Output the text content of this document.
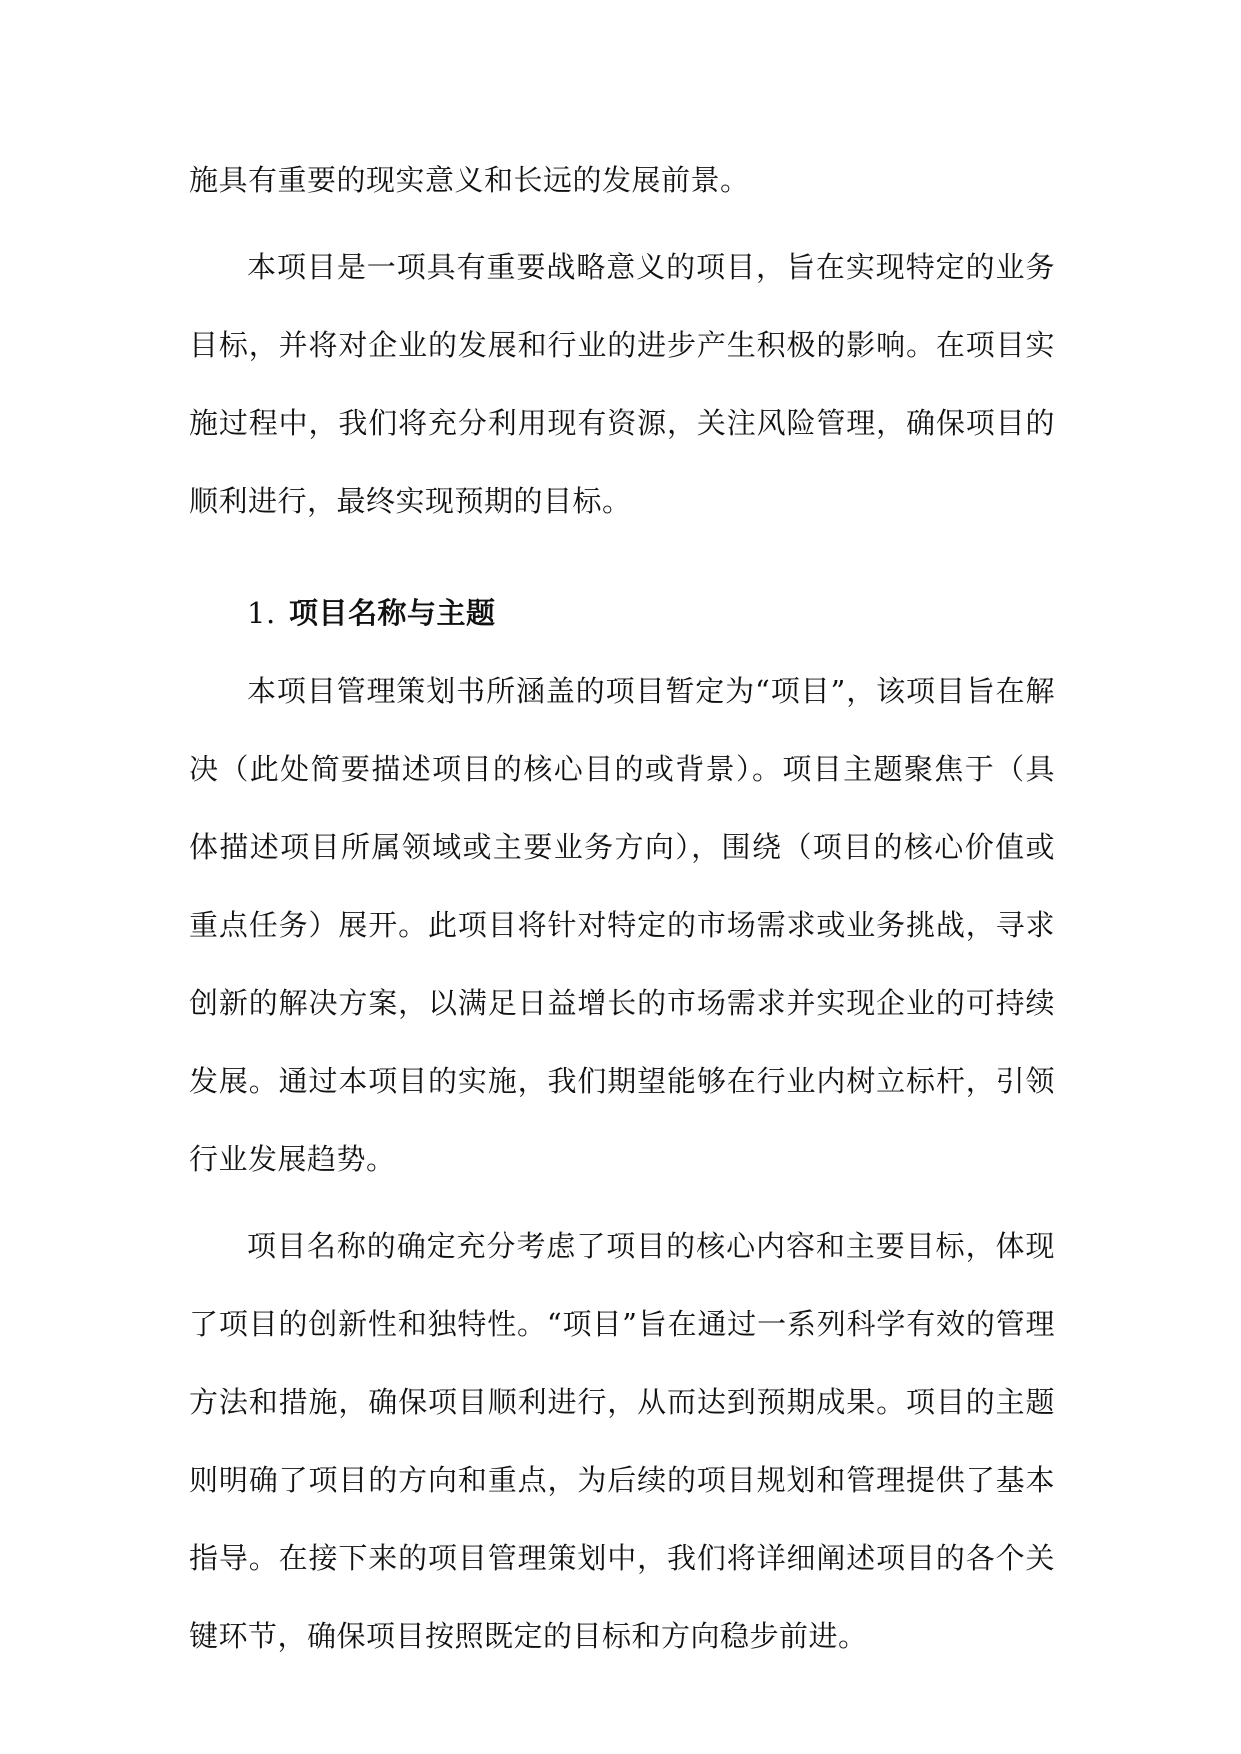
施具有重要的现实意义和长远的发展前景。

本项目是一项具有重要战略意义的项目，旨在实现特定的业务目标，并将对企业的发展和行业的进步产生积极的影响。在项目实施过程中，我们将充分利用现有资源，关注风险管理，确保项目的顺利进行，最终实现预期的目标。

1. 项目名称与主题

本项目管理策划书所涵盖的项目暂定为“项目”，该项目旨在解决（此处简要描述项目的核心目的或背景）。项目主题聚焦于（具体描述项目所属领域或主要业务方向），围绕（项目的核心价值或重点任务）展开。此项目将针对特定的市场需求或业务挑战，寻求创新的解决方案，以满足日益增长的市场需求并实现企业的可持续发展。通过本项目的实施，我们期望能够在行业内树立标杆，引领行业发展趋势。

项目名称的确定充分考虑了项目的核心内容和主要目标，体现了项目的创新性和独特性。“项目”旨在通过一系列科学有效的管理方法和措施，确保项目顺利进行，从而达到预期成果。项目的主题则明确了项目的方向和重点，为后续的项目规划和管理提供了基本指导。在接下来的项目管理策划中，我们将详细阐述项目的各个关键环节，确保项目按照既定的目标和方向稳步前进。
